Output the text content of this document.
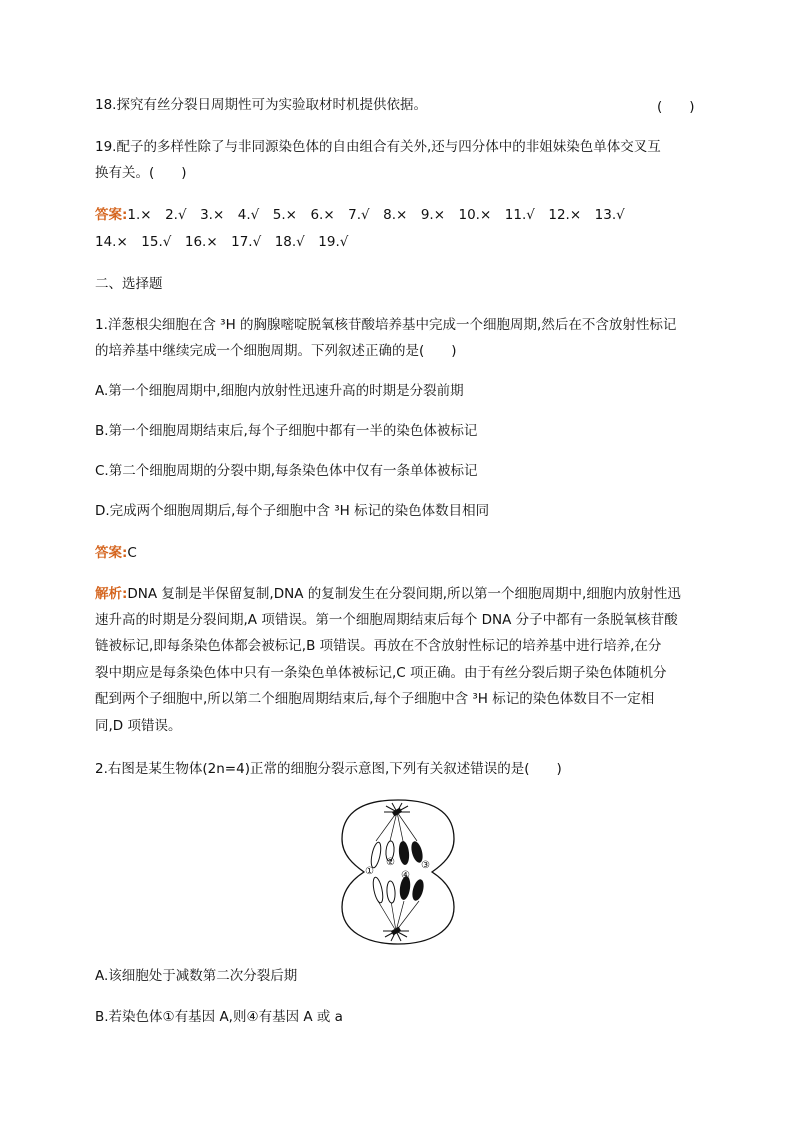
18.探究有丝分裂日周期性可为实验取材时机提供依据。	(　　)
19.配子的多样性除了与非同源染色体的自由组合有关外,还与四分体中的非姐妹染色单体交叉互
换有关。(　　)
答案:1.×　2.√　3.×　4.√　5.×　6.×　7.√　8.×　9.×　10.×　11.√　12.×　13.√
14.×　15.√　16.×　17.√　18.√　19.√
二、选择题
1.洋葱根尖细胞在含 ³H 的胸腺嘧啶脱氧核苷酸培养基中完成一个细胞周期,然后在不含放射性标记
的培养基中继续完成一个细胞周期。下列叙述正确的是(　　)
A.第一个细胞周期中,细胞内放射性迅速升高的时期是分裂前期
B.第一个细胞周期结束后,每个子细胞中都有一半的染色体被标记
C.第二个细胞周期的分裂中期,每条染色体中仅有一条单体被标记
D.完成两个细胞周期后,每个子细胞中含 ³H 标记的染色体数目相同
答案:C
解析:DNA 复制是半保留复制,DNA 的复制发生在分裂间期,所以第一个细胞周期中,细胞内放射性迅
速升高的时期是分裂间期,A 项错误。第一个细胞周期结束后每个 DNA 分子中都有一条脱氧核苷酸
链被标记,即每条染色体都会被标记,B 项错误。再放在不含放射性标记的培养基中进行培养,在分
裂中期应是每条染色体中只有一条染色单体被标记,C 项正确。由于有丝分裂后期子染色体随机分
配到两个子细胞中,所以第二个细胞周期结束后,每个子细胞中含 ³H 标记的染色体数目不一定相
同,D 项错误。
2.右图是某生物体(2n=4)正常的细胞分裂示意图,下列有关叙述错误的是(　　)
①
②	③
④
A.该细胞处于减数第二次分裂后期
B.若染色体①有基因 A,则④有基因 A 或 a
